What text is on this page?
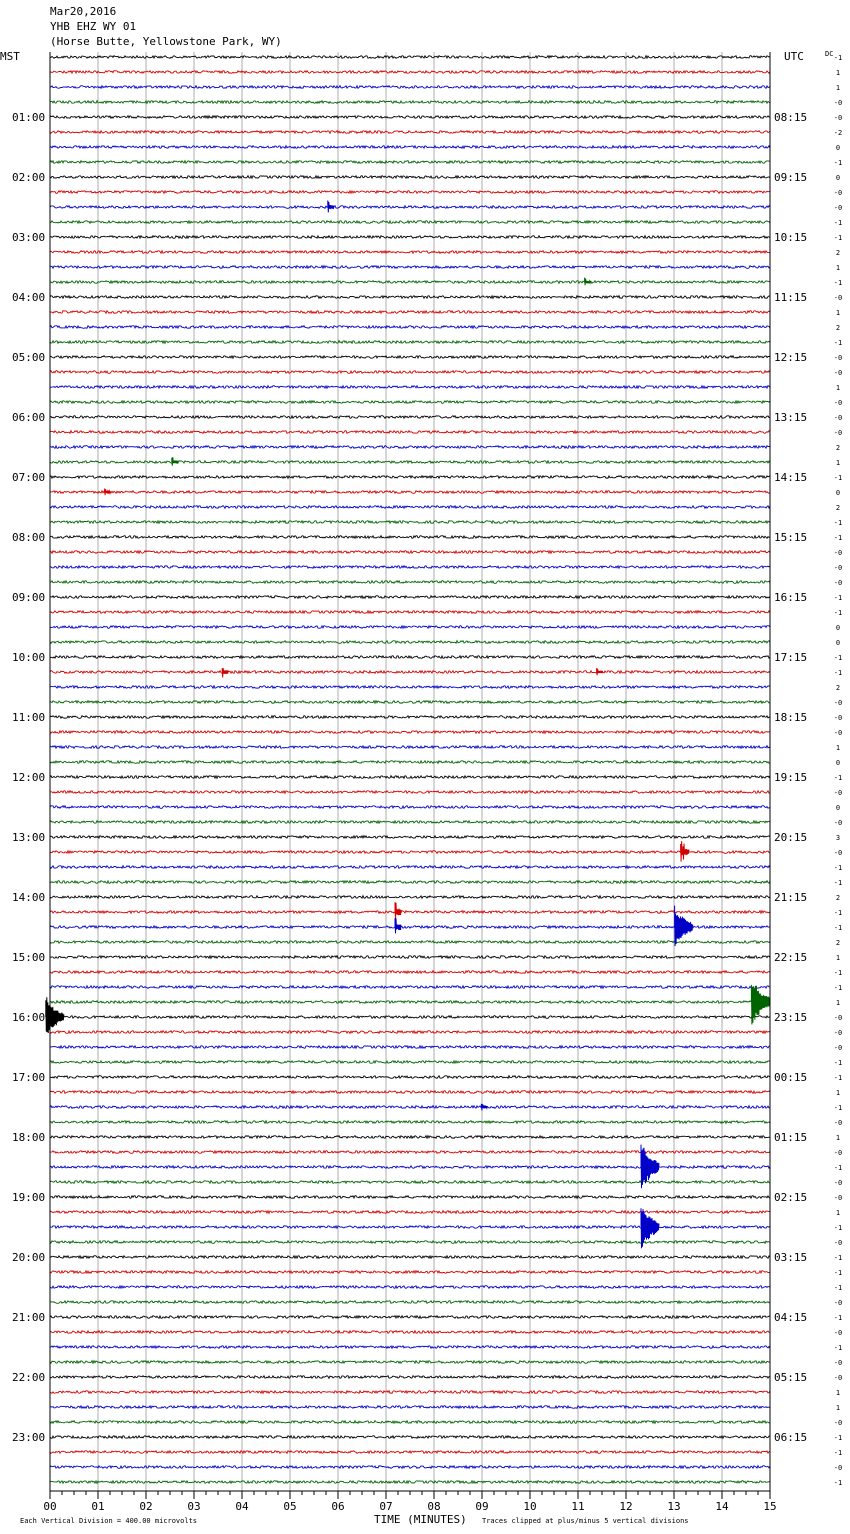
Mar20,2016
YHB EHZ WY 01
(Horse Butte, Yellowstone Park, WY)
00	01	02	03	04	05	06	07	08	09	10	11	12	13	14	15
01:00
02:00
03:00
04:00
05:00
06:00
07:00
08:00
09:00
10:00
11:00
12:00
13:00
14:00
15:00
16:00
17:00
18:00
19:00
20:00
21:00
22:00
23:00
08:15
09:15
10:15
11:15
12:15
13:15
14:15
15:15
16:15
17:15
18:15
19:15
20:15
21:15
22:15
23:15
00:15
01:15
02:15
03:15
04:15
05:15
06:15
-1
1
1
-0
-0
-2
0
-1
0
-0
-0
-1
-1
2
1
-1
-0
1
2
-1
-0
-0
1
-0
-0
-0
2
1
-1
0
2
-1
-1
-0
-0
-0
-1
-1
0
0
-1
-1
2
-0
-0
-0
1
0
-1
-0
0
-0
3
-0
-1
-1
2
-1
-1
2
1
-1
-1
1
-0
-0
-0
-1
-1
1
-1
-0
1
-0
-1
-0
-0
1
-1
-0
-1
-1
-1
-0
-1
-0
-1
-0
-0
1
1
-0
-1
-1
-0
-1
MST	UTC	DC
TIME (MINUTES)
Each Vertical Division = 400.00 microvolts	Traces clipped at plus/minus 5 vertical divisions
